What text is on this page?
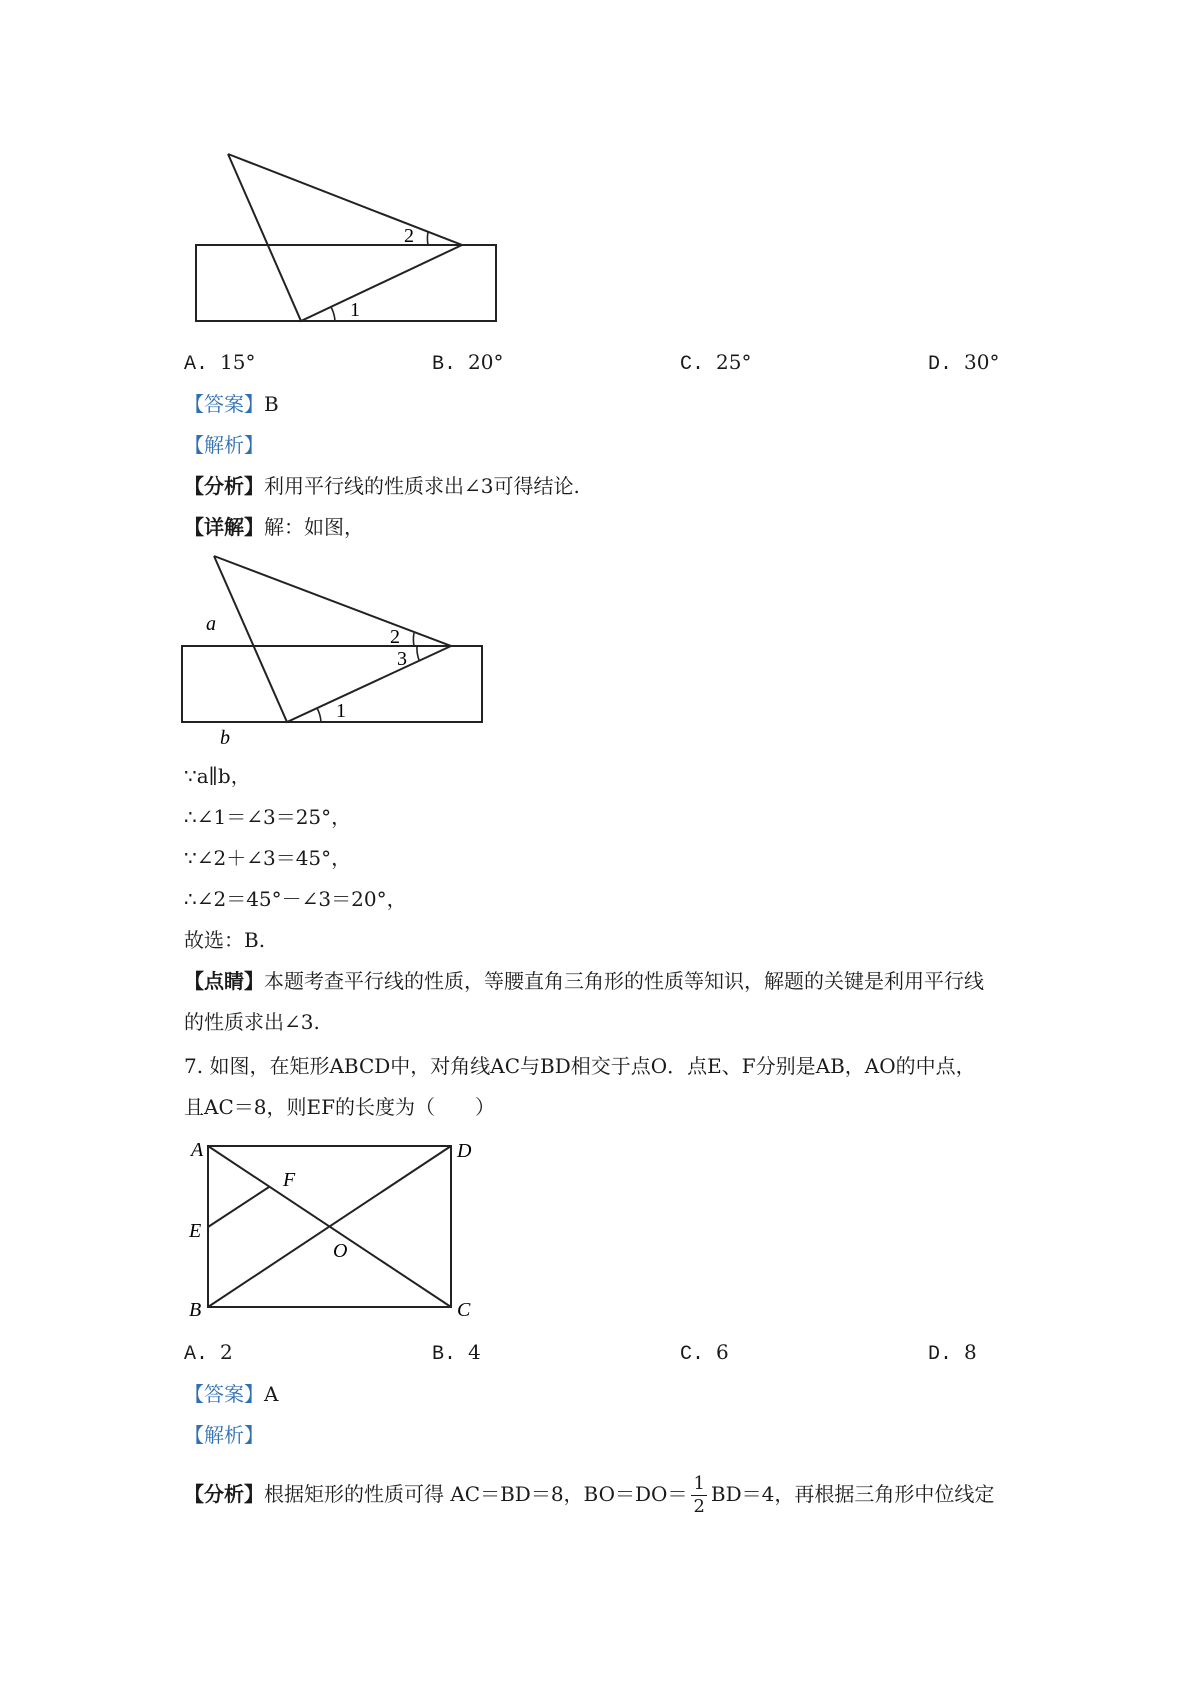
2
1
A. 15°	B. 20°	C. 25°	D. 30°
【答案】B
【解析】
【分析】利用平行线的性质求出∠3可得结论.
【详解】解：如图，
a
b
2
3
1
∵a∥b，
∴∠1＝∠3＝25°，
∵∠2＋∠3＝45°，
∴∠2＝45°－∠3＝20°，
故选：B.
【点睛】本题考查平行线的性质，等腰直角三角形的性质等知识，解题的关键是利用平行线
的性质求出∠3.
7. 如图，在矩形ABCD中，对角线AC与BD相交于点O．点E、F分别是AB，AO的中点，
且AC＝8，则EF的长度为（　　）
A	D
F
E
O
B	C
A. 2	B. 4	C. 6	D. 8
【答案】A
【解析】
【分析】根据矩形的性质可得 AC＝BD＝8，$BO=DO= \frac{1}{2} BD=4$，再根据三角形中位线定
